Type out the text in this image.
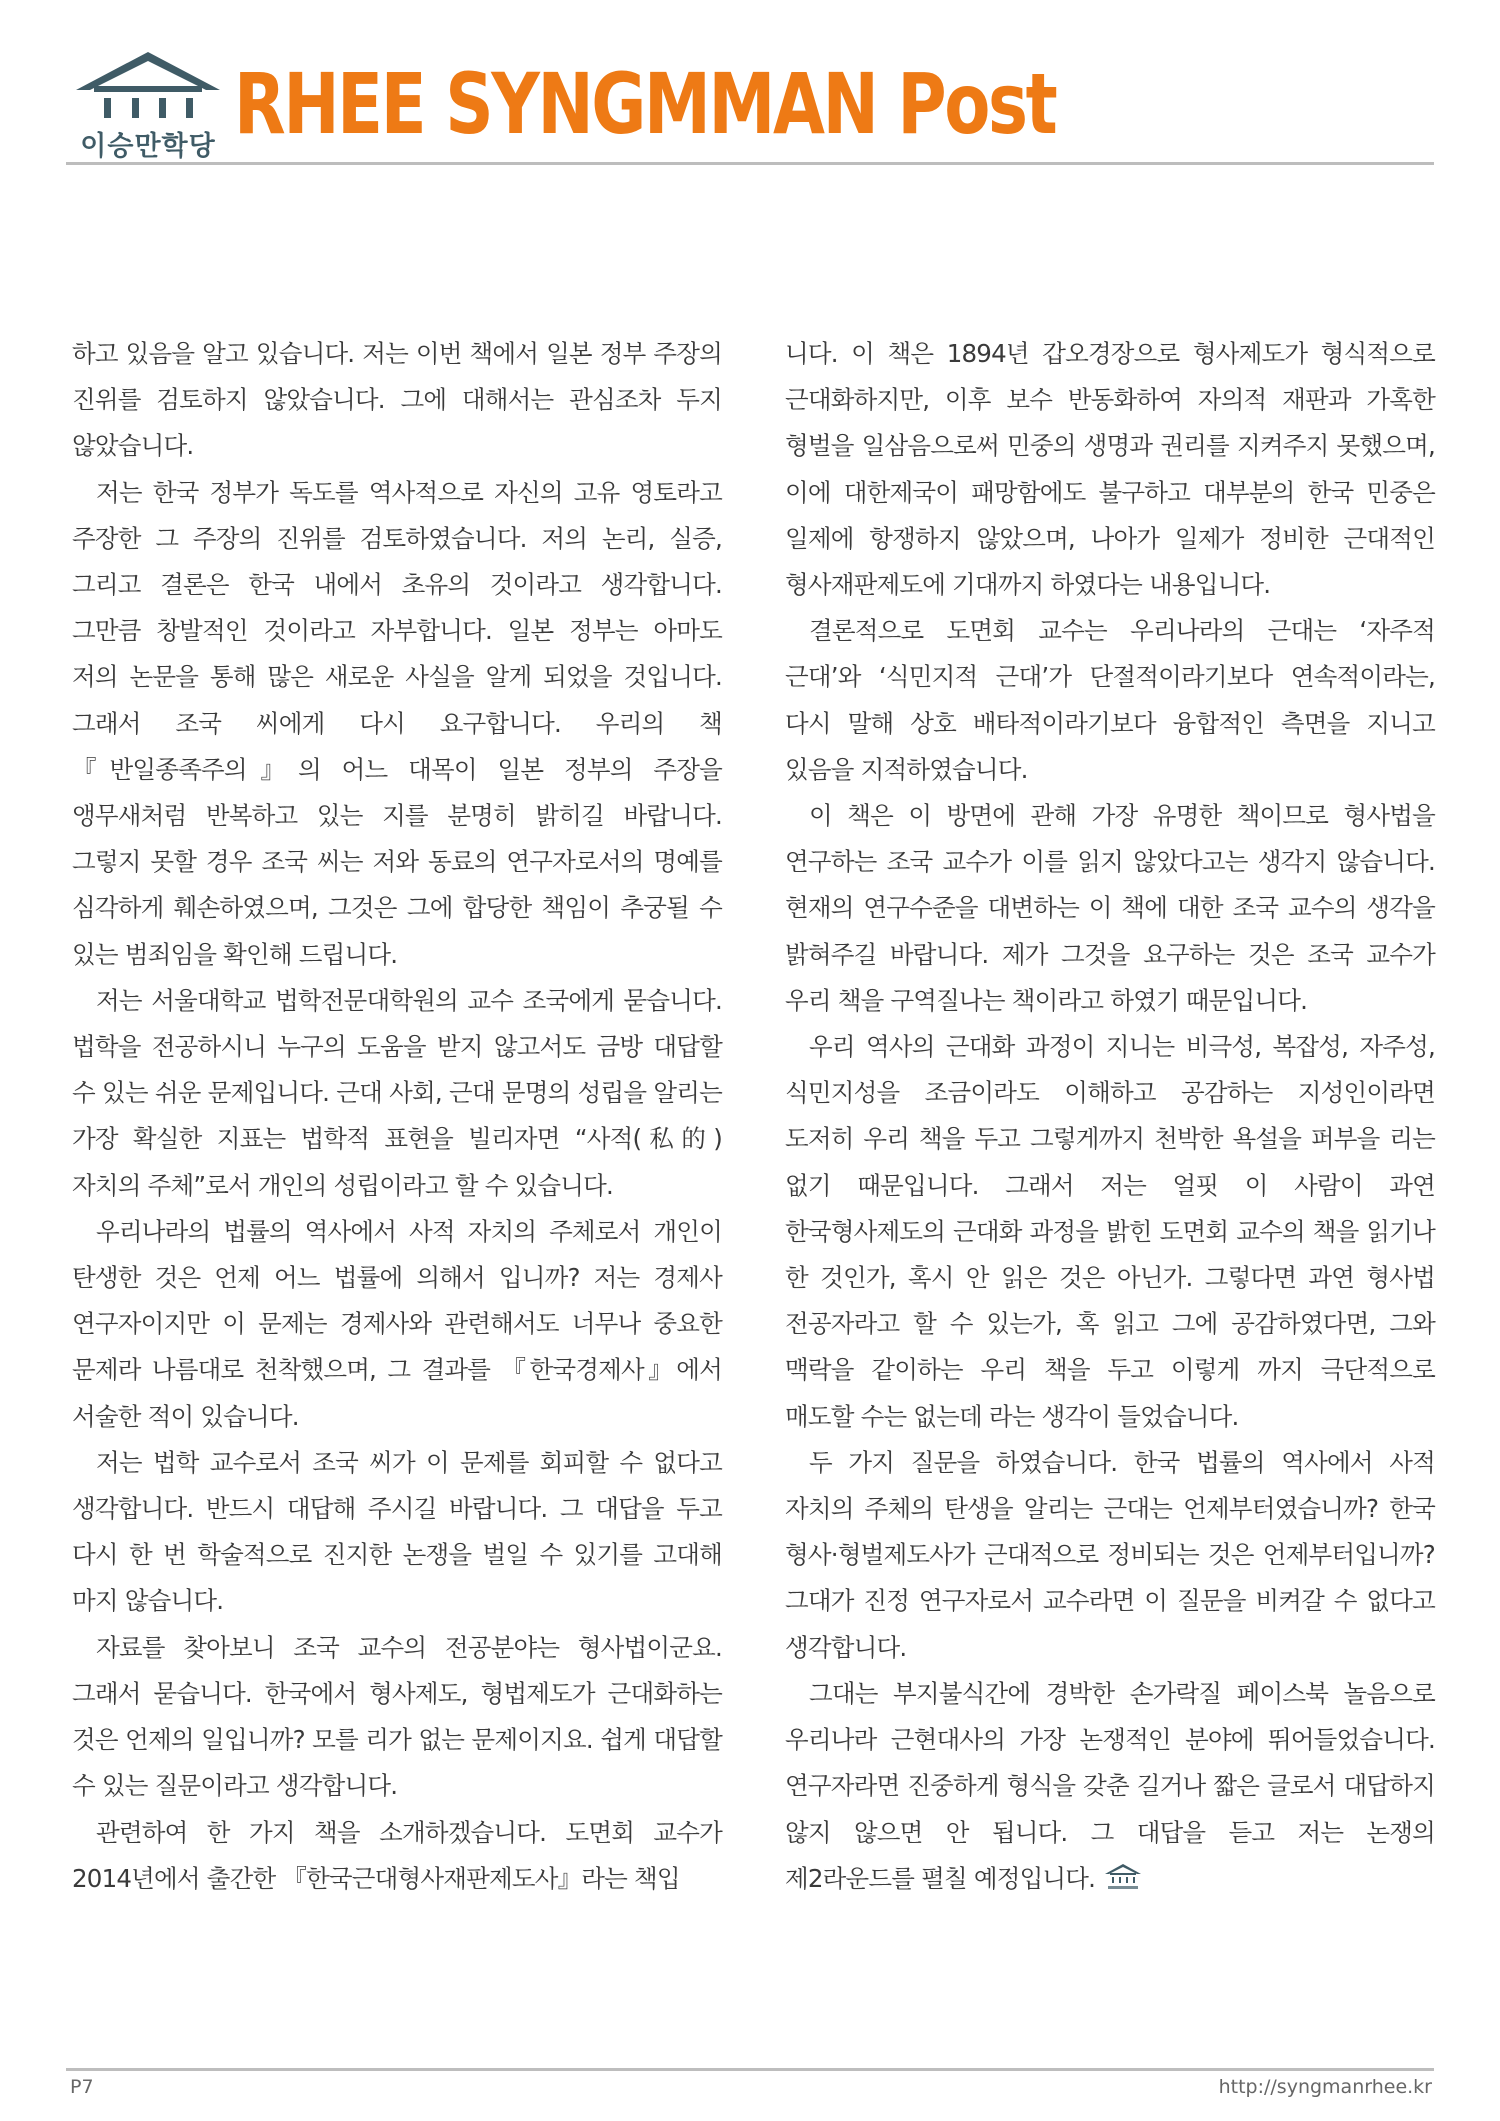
이승만학당 RHEE SYNGMMAN Post

하고 있음을 알고 있습니다. 저는 이번 책에서 일본 정부 주장의 진위를 검토하지 않았습니다. 그에 대해서는 관심조차 두지 않았습니다.

저는 한국 정부가 독도를 역사적으로 자신의 고유 영토라고 주장한 그 주장의 진위를 검토하였습니다. 저의 논리, 실증, 그리고 결론은 한국 내에서 초유의 것이라고 생각합니다. 그만큼 창발적인 것이라고 자부합니다. 일본 정부는 아마도 저의 논문을 통해 많은 새로운 사실을 알게 되었을 것입니다. 그래서 조국 씨에게 다시 요구합니다. 우리의 책 『반일종족주의』의 어느 대목이 일본 정부의 주장을 앵무새처럼 반복하고 있는 지를 분명히 밝히길 바랍니다. 그렇지 못할 경우 조국 씨는 저와 동료의 연구자로서의 명예를 심각하게 훼손하였으며, 그것은 그에 합당한 책임이 추궁될 수 있는 범죄임을 확인해 드립니다.

저는 서울대학교 법학전문대학원의 교수 조국에게 묻습니다. 법학을 전공하시니 누구의 도움을 받지 않고서도 금방 대답할 수 있는 쉬운 문제입니다. 근대 사회, 근대 문명의 성립을 알리는 가장 확실한 지표는 법학적 표현을 빌리자면 “사적(私的) 자치의 주체”로서 개인의 성립이라고 할 수 있습니다.

우리나라의 법률의 역사에서 사적 자치의 주체로서 개인이 탄생한 것은 언제 어느 법률에 의해서 입니까? 저는 경제사 연구자이지만 이 문제는 경제사와 관련해서도 너무나 중요한 문제라 나름대로 천착했으며, 그 결과를 『한국경제사』에서 서술한 적이 있습니다.

저는 법학 교수로서 조국 씨가 이 문제를 회피할 수 없다고 생각합니다. 반드시 대답해 주시길 바랍니다. 그 대답을 두고 다시 한 번 학술적으로 진지한 논쟁을 벌일 수 있기를 고대해 마지 않습니다.

자료를 찾아보니 조국 교수의 전공분야는 형사법이군요. 그래서 묻습니다. 한국에서 형사제도, 형법제도가 근대화하는 것은 언제의 일입니까? 모를 리가 없는 문제이지요. 쉽게 대답할 수 있는 질문이라고 생각합니다.

관련하여 한 가지 책을 소개하겠습니다. 도면회 교수가 2014년에서 출간한 『한국근대형사재판제도사』라는 책입

니다. 이 책은 1894년 갑오경장으로 형사제도가 형식적으로 근대화하지만, 이후 보수 반동화하여 자의적 재판과 가혹한 형벌을 일삼음으로써 민중의 생명과 권리를 지켜주지 못했으며, 이에 대한제국이 패망함에도 불구하고 대부분의 한국 민중은 일제에 항쟁하지 않았으며, 나아가 일제가 정비한 근대적인 형사재판제도에 기대까지 하였다는 내용입니다.

결론적으로 도면회 교수는 우리나라의 근대는 ‘자주적 근대’와 ‘식민지적 근대’가 단절적이라기보다 연속적이라는, 다시 말해 상호 배타적이라기보다 융합적인 측면을 지니고 있음을 지적하였습니다.

이 책은 이 방면에 관해 가장 유명한 책이므로 형사법을 연구하는 조국 교수가 이를 읽지 않았다고는 생각지 않습니다. 현재의 연구수준을 대변하는 이 책에 대한 조국 교수의 생각을 밝혀주길 바랍니다. 제가 그것을 요구하는 것은 조국 교수가 우리 책을 구역질나는 책이라고 하였기 때문입니다.

우리 역사의 근대화 과정이 지니는 비극성, 복잡성, 자주성, 식민지성을 조금이라도 이해하고 공감하는 지성인이라면 도저히 우리 책을 두고 그렇게까지 천박한 욕설을 퍼부을 리는 없기 때문입니다. 그래서 저는 얼핏 이 사람이 과연 한국형사제도의 근대화 과정을 밝힌 도면회 교수의 책을 읽기나 한 것인가, 혹시 안 읽은 것은 아닌가. 그렇다면 과연 형사법 전공자라고 할 수 있는가, 혹 읽고 그에 공감하였다면, 그와 맥락을 같이하는 우리 책을 두고 이렇게 까지 극단적으로 매도할 수는 없는데 라는 생각이 들었습니다.

두 가지 질문을 하였습니다. 한국 법률의 역사에서 사적 자치의 주체의 탄생을 알리는 근대는 언제부터였습니까? 한국 형사·형벌제도사가 근대적으로 정비되는 것은 언제부터입니까? 그대가 진정 연구자로서 교수라면 이 질문을 비켜갈 수 없다고 생각합니다.

그대는 부지불식간에 경박한 손가락질 페이스북 놀음으로 우리나라 근현대사의 가장 논쟁적인 분야에 뛰어들었습니다. 연구자라면 진중하게 형식을 갖춘 길거나 짧은 글로서 대답하지 않지 않으면 안 됩니다. 그 대답을 듣고 저는 논쟁의 제2라운드를 펼칠 예정입니다.

P7	http://syngmanrhee.kr
